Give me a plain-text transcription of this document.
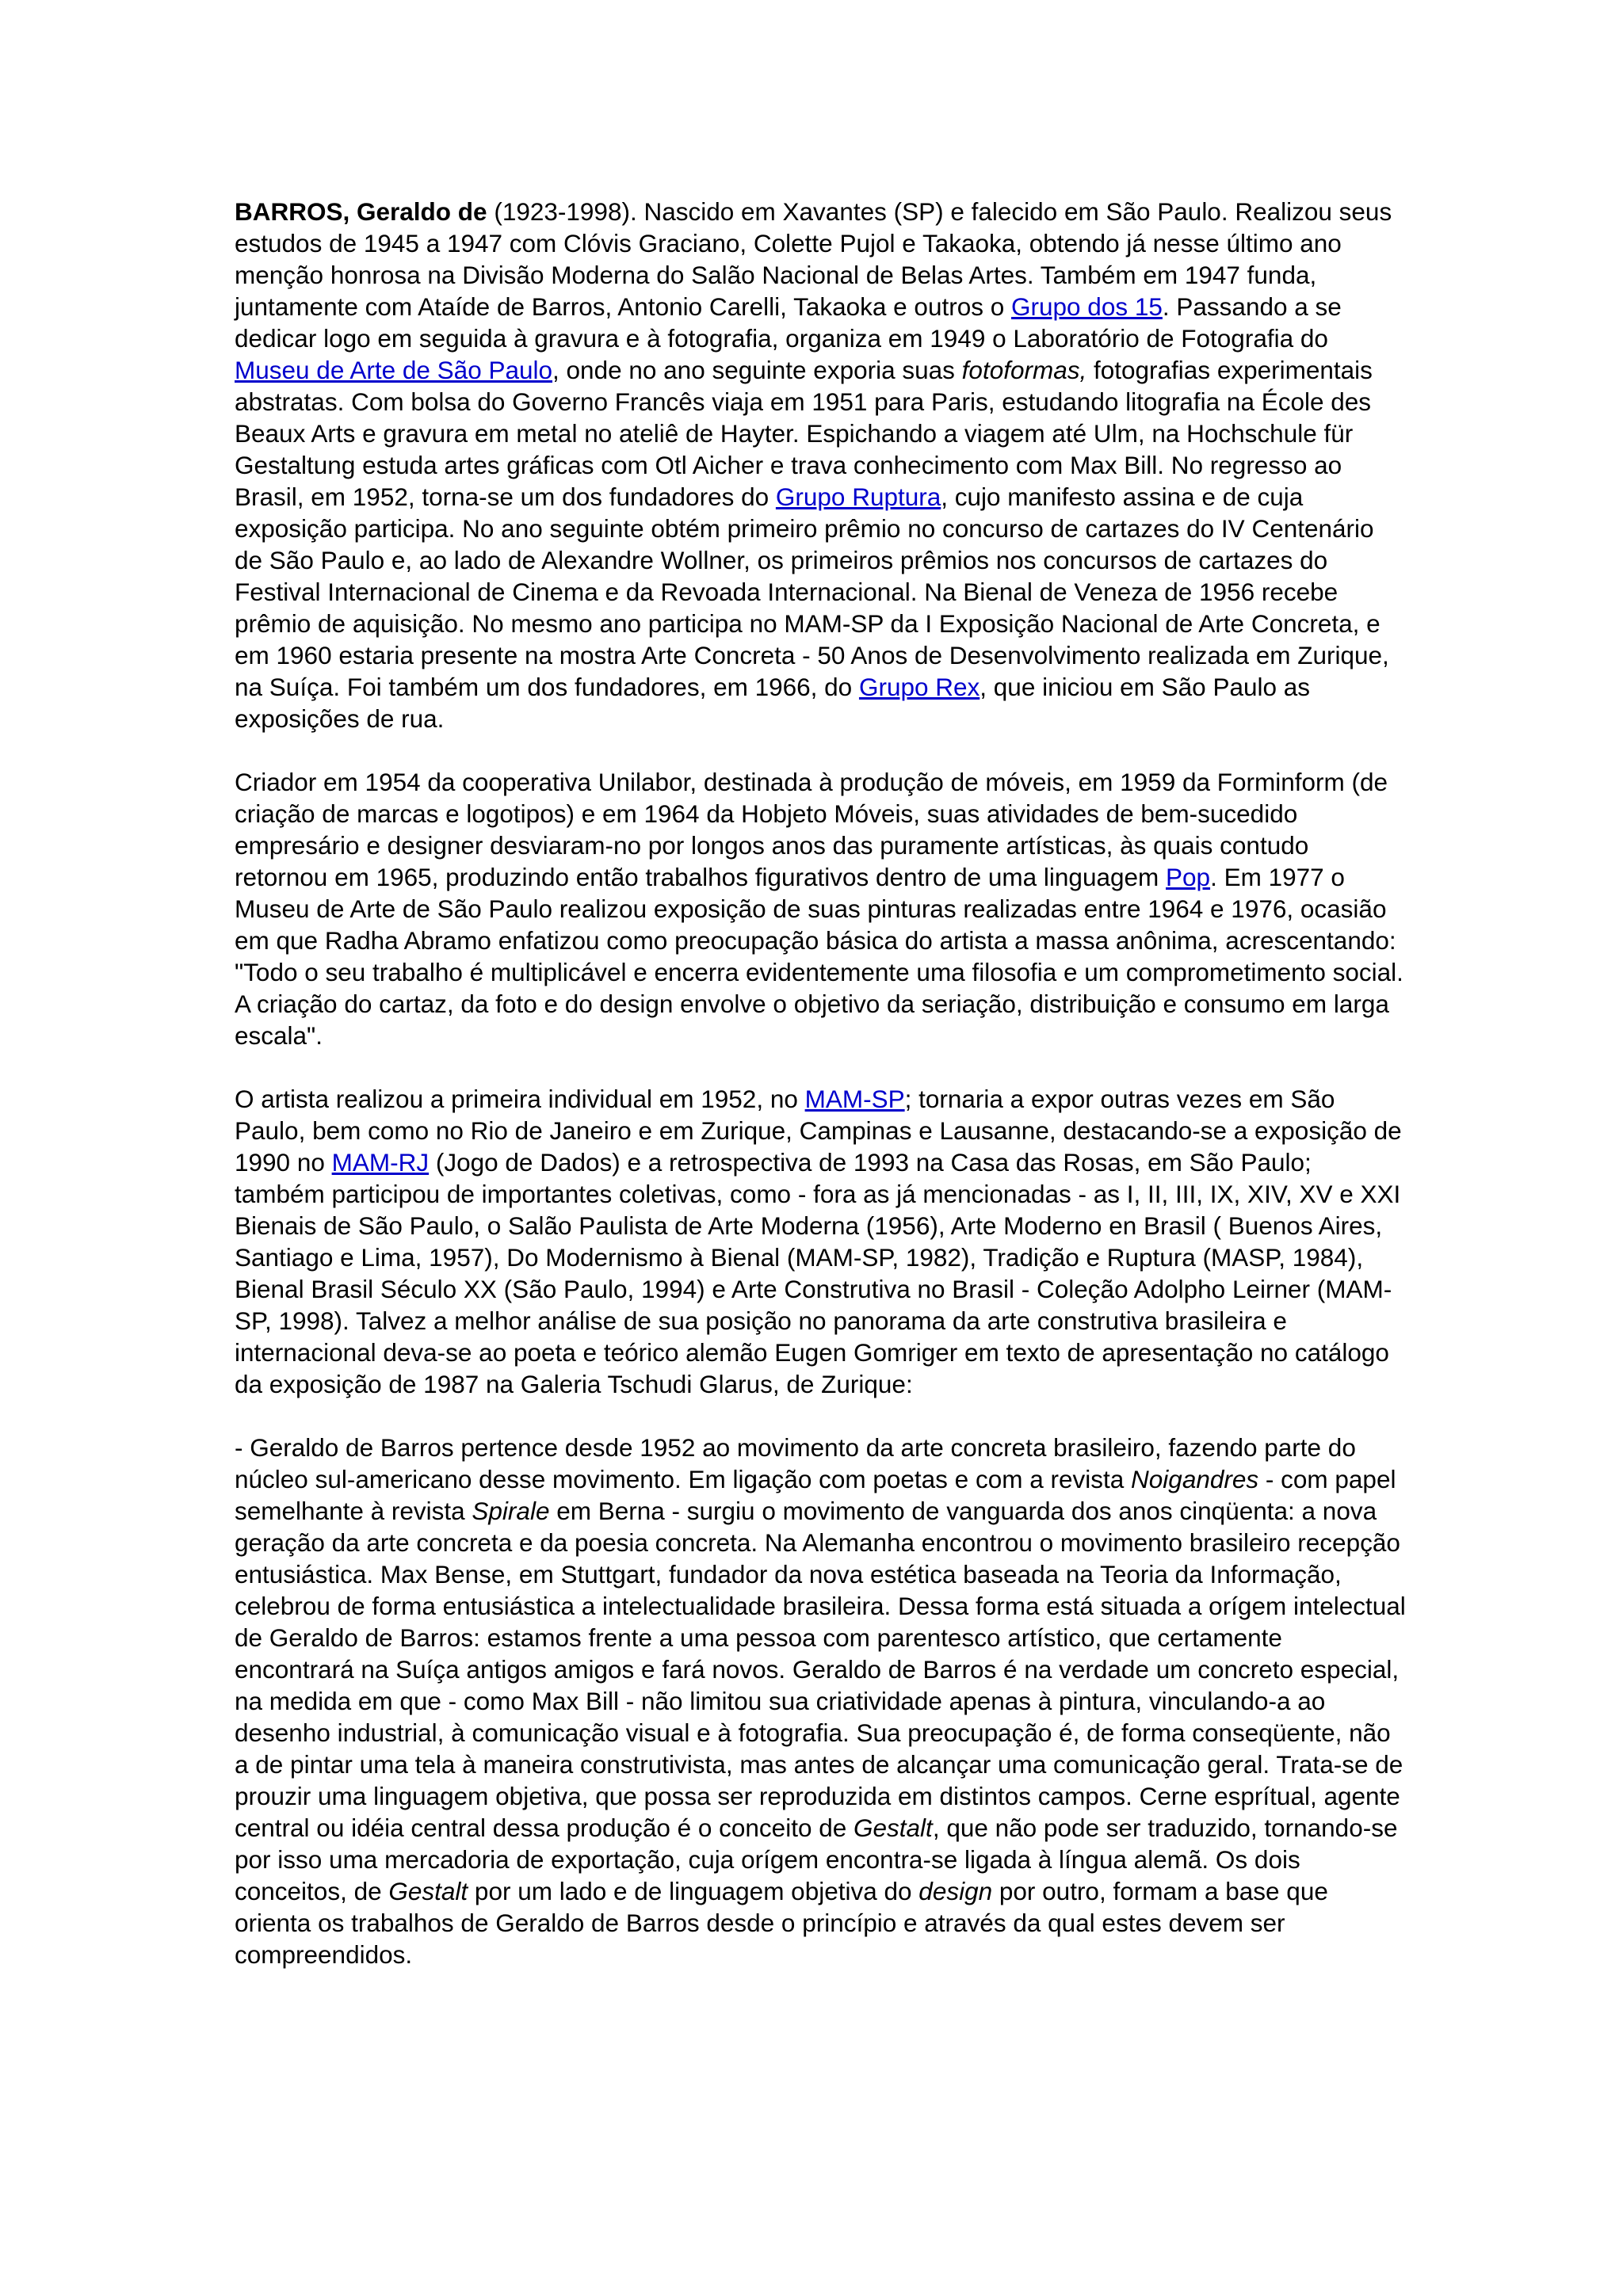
BARROS, Geraldo de (1923-1998). Nascido em Xavantes (SP) e falecido em São Paulo. Realizou seus estudos de 1945 a 1947 com Clóvis Graciano, Colette Pujol e Takaoka, obtendo já nesse último ano menção honrosa na Divisão Moderna do Salão Nacional de Belas Artes. Também em 1947 funda, juntamente com Ataíde de Barros, Antonio Carelli, Takaoka e outros o Grupo dos 15. Passando a se dedicar logo em seguida à gravura e à fotografia, organiza em 1949 o Laboratório de Fotografia do Museu de Arte de São Paulo, onde no ano seguinte exporia suas fotoformas, fotografias experimentais abstratas. Com bolsa do Governo Francês viaja em 1951 para Paris, estudando litografia na École des Beaux Arts e gravura em metal no ateliê de Hayter. Espichando a viagem até Ulm, na Hochschule für Gestaltung estuda artes gráficas com Otl Aicher e trava conhecimento com Max Bill. No regresso ao Brasil, em 1952, torna-se um dos fundadores do Grupo Ruptura, cujo manifesto assina e de cuja exposição participa. No ano seguinte obtém primeiro prêmio no concurso de cartazes do IV Centenário de São Paulo e, ao lado de Alexandre Wollner, os primeiros prêmios nos concursos de cartazes do Festival Internacional de Cinema e da Revoada Internacional. Na Bienal de Veneza de 1956 recebe prêmio de aquisição. No mesmo ano participa no MAM-SP da I Exposição Nacional de Arte Concreta, e em 1960 estaria presente na mostra Arte Concreta - 50 Anos de Desenvolvimento realizada em Zurique, na Suíça. Foi também um dos fundadores, em 1966, do Grupo Rex, que iniciou em São Paulo as exposições de rua.

Criador em 1954 da cooperativa Unilabor, destinada à produção de móveis, em 1959 da Forminform (de criação de marcas e logotipos) e em 1964 da Hobjeto Móveis, suas atividades de bem-sucedido empresário e designer desviaram-no por longos anos das puramente artísticas, às quais contudo retornou em 1965, produzindo então trabalhos figurativos dentro de uma linguagem Pop. Em 1977 o Museu de Arte de São Paulo realizou exposição de suas pinturas realizadas entre 1964 e 1976, ocasião em que Radha Abramo enfatizou como preocupação básica do artista a massa anônima, acrescentando: "Todo o seu trabalho é multiplicável e encerra evidentemente uma filosofia e um comprometimento social. A criação do cartaz, da foto e do design envolve o objetivo da seriação, distribuição e consumo em larga escala".

O artista realizou a primeira individual em 1952, no MAM-SP; tornaria a expor outras vezes em São Paulo, bem como no Rio de Janeiro e em Zurique, Campinas e Lausanne, destacando-se a exposição de 1990 no MAM-RJ (Jogo de Dados) e a retrospectiva de 1993 na Casa das Rosas, em São Paulo; também participou de importantes coletivas, como - fora as já mencionadas - as I, II, III, IX, XIV, XV e XXI Bienais de São Paulo, o Salão Paulista de Arte Moderna (1956), Arte Moderno en Brasil ( Buenos Aires, Santiago e Lima, 1957), Do Modernismo à Bienal (MAM-SP, 1982), Tradição e Ruptura (MASP, 1984), Bienal Brasil Século XX (São Paulo, 1994) e Arte Construtiva no Brasil - Coleção Adolpho Leirner (MAM-SP, 1998). Talvez a melhor análise de sua posição no panorama da arte construtiva brasileira e internacional deva-se ao poeta e teórico alemão Eugen Gomriger em texto de apresentação no catálogo da exposição de 1987 na Galeria Tschudi Glarus, de Zurique:

- Geraldo de Barros pertence desde 1952 ao movimento da arte concreta brasileiro, fazendo parte do núcleo sul-americano desse movimento. Em ligação com poetas e com a revista Noigandres - com papel semelhante à revista Spirale em Berna - surgiu o movimento de vanguarda dos anos cinqüenta: a nova geração da arte concreta e da poesia concreta. Na Alemanha encontrou o movimento brasileiro recepção entusiástica. Max Bense, em Stuttgart, fundador da nova estética baseada na Teoria da Informação, celebrou de forma entusiástica a intelectualidade brasileira. Dessa forma está situada a orígem intelectual de Geraldo de Barros: estamos frente a uma pessoa com parentesco artístico, que certamente encontrará na Suíça antigos amigos e fará novos. Geraldo de Barros é na verdade um concreto especial, na medida em que - como Max Bill - não limitou sua criatividade apenas à pintura, vinculando-a ao desenho industrial, à comunicação visual e à fotografia. Sua preocupação é, de forma conseqüente, não a de pintar uma tela à maneira construtivista, mas antes de alcançar uma comunicação geral. Trata-se de prouzir uma linguagem objetiva, que possa ser reproduzida em distintos campos. Cerne esprítual, agente central ou idéia central dessa produção é o conceito de Gestalt, que não pode ser traduzido, tornando-se por isso uma mercadoria de exportação, cuja orígem encontra-se ligada à língua alemã. Os dois conceitos, de Gestalt por um lado e de linguagem objetiva do design por outro, formam a base que orienta os trabalhos de Geraldo de Barros desde o princípio e através da qual estes devem ser compreendidos.
